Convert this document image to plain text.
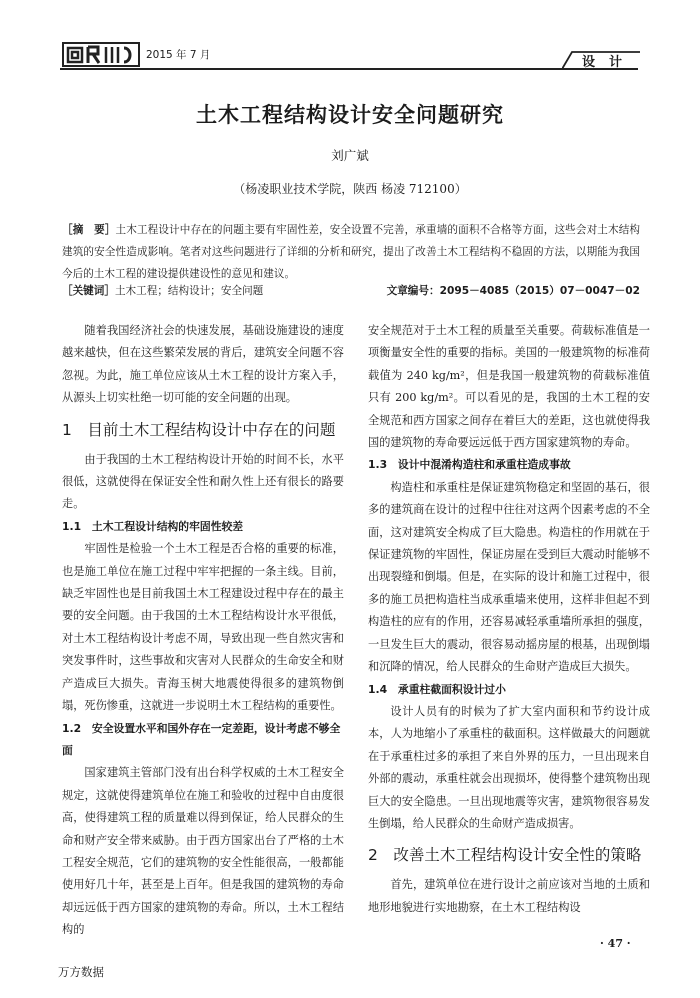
2015 年 7 月	设计
土木工程结构设计安全问题研究
刘广斌
（杨凌职业技术学院，陕西 杨凌 712100）
［摘　要］土木工程设计中存在的问题主要有牢固性差，安全设置不完善，承重墙的面积不合格等方面，这些会对土木结构建筑的安全性造成影响。笔者对这些问题进行了详细的分析和研究，提出了改善土木工程结构不稳固的方法，以期能为我国今后的土木工程的建设提供建设性的意见和建议。
［关键词］土木工程；结构设计；安全问题	文章编号：2095－4085（2015）07－0047－02

随着我国经济社会的快速发展，基础设施建设的速度越来越快，但在这些繁荣发展的背后，建筑安全问题不容忽视。为此，施工单位应该从土木工程的设计方案入手，从源头上切实杜绝一切可能的安全问题的出现。

1　目前土木工程结构设计中存在的问题

由于我国的土木工程结构设计开始的时间不长，水平很低，这就使得在保证安全性和耐久性上还有很长的路要走。

1.1　土木工程设计结构的牢固性较差

牢固性是检验一个土木工程是否合格的重要的标准，也是施工单位在施工过程中牢牢把握的一条主线。目前，缺乏牢固性也是目前我国土木工程建设过程中存在的最主要的安全问题。由于我国的土木工程结构设计水平很低，对土木工程结构设计考虑不周，导致出现一些自然灾害和突发事件时，这些事故和灾害对人民群众的生命安全和财产造成巨大损失。青海玉树大地震使得很多的建筑物倒塌，死伤惨重，这就进一步说明土木工程结构的重要性。

1.2　安全设置水平和国外存在一定差距，设计考虑不够全面

国家建筑主管部门没有出台科学权威的土木工程安全规定，这就使得建筑单位在施工和验收的过程中自由度很高，使得建筑工程的质量难以得到保证，给人民群众的生命和财产安全带来威胁。由于西方国家出台了严格的土木工程安全规范，它们的建筑物的安全性能很高，一般都能使用好几十年，甚至是上百年。但是我国的建筑物的寿命却远远低于西方国家的建筑物的寿命。所以，土木工程结构的

安全规范对于土木工程的质量至关重要。荷载标准值是一项衡量安全性的重要的指标。美国的一般建筑物的标准荷载值为 240 kg/m²，但是我国一般建筑物的荷载标准值只有 200 kg/m²。可以看见的是，我国的土木工程的安全规范和西方国家之间存在着巨大的差距，这也就使得我国的建筑物的寿命要远远低于西方国家建筑物的寿命。

1.3　设计中混淆构造柱和承重柱造成事故

构造柱和承重柱是保证建筑物稳定和坚固的基石，很多的建筑商在设计的过程中往往对这两个因素考虑的不全面，这对建筑安全构成了巨大隐患。构造柱的作用就在于保证建筑物的牢固性，保证房屋在受到巨大震动时能够不出现裂缝和倒塌。但是，在实际的设计和施工过程中，很多的施工员把构造柱当成承重墙来使用，这样非但起不到构造柱的应有的作用，还容易减轻承重墙所承担的强度，一旦发生巨大的震动，很容易动摇房屋的根基，出现倒塌和沉降的情况，给人民群众的生命财产造成巨大损失。

1.4　承重柱截面积设计过小

设计人员有的时候为了扩大室内面积和节约设计成本，人为地缩小了承重柱的截面积。这样做最大的问题就在于承重柱过多的承担了来自外界的压力，一旦出现来自外部的震动，承重柱就会出现损坏，使得整个建筑物出现巨大的安全隐患。一旦出现地震等灾害，建筑物很容易发生倒塌，给人民群众的生命财产造成损害。

2　改善土木工程结构设计安全性的策略

首先，建筑单位在进行设计之前应该对当地的土质和地形地貌进行实地勘察，在土木工程结构设

· 47 ·
万方数据
